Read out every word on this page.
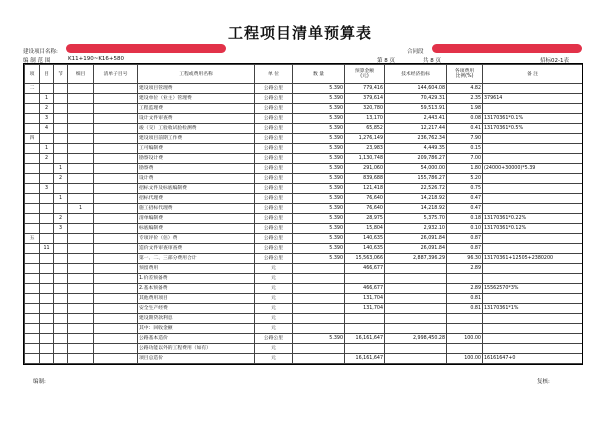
工程项目清单预算表
建设项目名称:	合同段
编 制 范 围	K11+190~K16+580	第 8 页	共 8 页	招标02-1表
项	目	节	细目	清单子目号	工程或费用名称	单 位	数 量	预算金额
(元)	技术经济指标	各项费用
比例(%)	备 注
二					建设项目管理费	公路公里	5.390	779,416	144,604.08	4.82	
	1				建设单位（业主）管理费	公路公里	5.390	379,614	70,429.31	2.35	379614
	2				工程监理费	公路公里	5.390	320,780	59,513.91	1.98	
	3				设计文件审查费	公路公里	5.390	13,170	2,443.41	0.08	13170361*0.1%
	4				竣（交）工验收试验检测费	公路公里	5.390	65,852	12,217.44	0.41	13170361*0.5%
四					建设项目前期工作费	公路公里	5.390	1,276,149	236,762.34	7.90	
	1				工可编制费	公路公里	5.390	23,983	4,449.35	0.15	
	2				勘察设计费	公路公里	5.390	1,130,748	209,786.27	7.00	
		1			勘察费	公路公里	5.390	291,060	54,000.00	1.80	(24000+30000)*5.39
		2			设计费	公路公里	5.390	839,688	155,786.27	5.20	
	3				招标文件及标底编制费	公路公里	5.390	121,418	22,526.72	0.75	
		1			招标代理费	公路公里	5.390	76,640	14,218.92	0.47	
			1		施工招标代理费	公路公里	5.390	76,640	14,218.92	0.47	
		2			清单编制费	公路公里	5.390	28,975	5,375.70	0.18	13170361*0.22%
		3			标底编制费	公路公里	5.390	15,804	2,932.10	0.10	13170361*0.12%
五					专项评价（估）费	公路公里	5.390	140,635	26,091.84	0.87	
	11				造价文件审查审查费	公路公里	5.390	140,635	26,091.84	0.87	
					第一、二、三部分费用合计	公路公里	5.390	15,563,066	2,887,396.29	96.30	13170361+12505+2380200
					预留费用	元		466,677		2.89	
					1.价差预备费	元					
					2.基本预备费	元		466,677		2.89	15562570*3%
					其他费用项目	元		131,704		0.81	
					安全生产经费	元		131,704		0.81	13170361*1%
					建设期贷款利息	元					
					其中：回收金额	元					
					公路基本造价	公路公里	5.390	16,161,647	2,998,450.28	100.00	
					公路功能以外的工程费用（如有）	元					
					项目总造价	元		16,161,647		100.00	16161647+0
编制:	复核:
